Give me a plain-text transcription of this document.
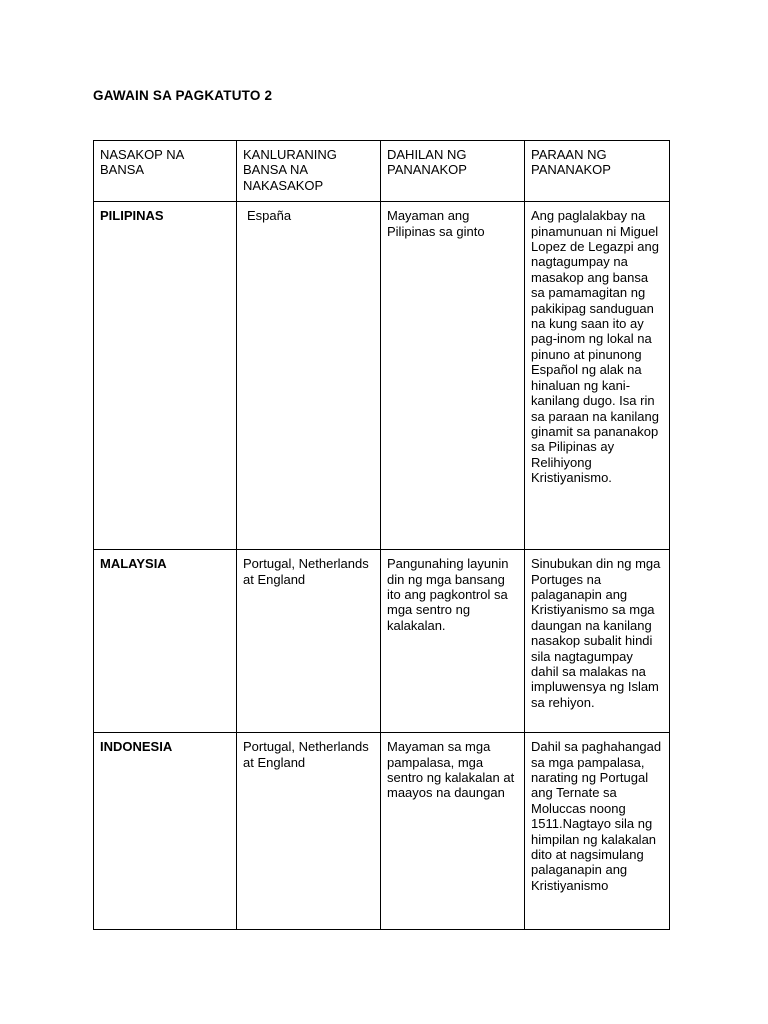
GAWAIN SA PAGKATUTO 2
NASAKOP NA BANSA	KANLURANING BANSA NA NAKASAKOP	DAHILAN NG PANANAKOP	PARAAN NG PANANAKOP
PILIPINAS	España	Mayaman ang Pilipinas sa ginto	Ang paglalakbay na pinamunuan ni Miguel Lopez de Legazpi ang nagtagumpay na masakop ang bansa sa pamamagitan ng pakikipag sanduguan na kung saan ito ay pag-inom ng lokal na pinuno at pinunong Español ng alak na hinaluan ng kani-kanilang dugo. Isa rin sa paraan na kanilang ginamit sa pananakop sa Pilipinas ay Relihiyong Kristiyanismo.
MALAYSIA	Portugal, Netherlands at England	Pangunahing layunin din ng mga bansang ito ang pagkontrol sa mga sentro ng kalakalan.	Sinubukan din ng mga Portuges na palaganapin ang Kristiyanismo sa mga daungan na kanilang nasakop subalit hindi sila nagtagumpay dahil sa malakas na impluwensya ng Islam sa rehiyon.
INDONESIA	Portugal, Netherlands at England	Mayaman sa mga pampalasa, mga sentro ng kalakalan at maayos na daungan	Dahil sa paghahangad sa mga pampalasa, narating ng Portugal ang Ternate sa Moluccas noong 1511.Nagtayo sila ng himpilan ng kalakalan dito at nagsimulang palaganapin ang Kristiyanismo
